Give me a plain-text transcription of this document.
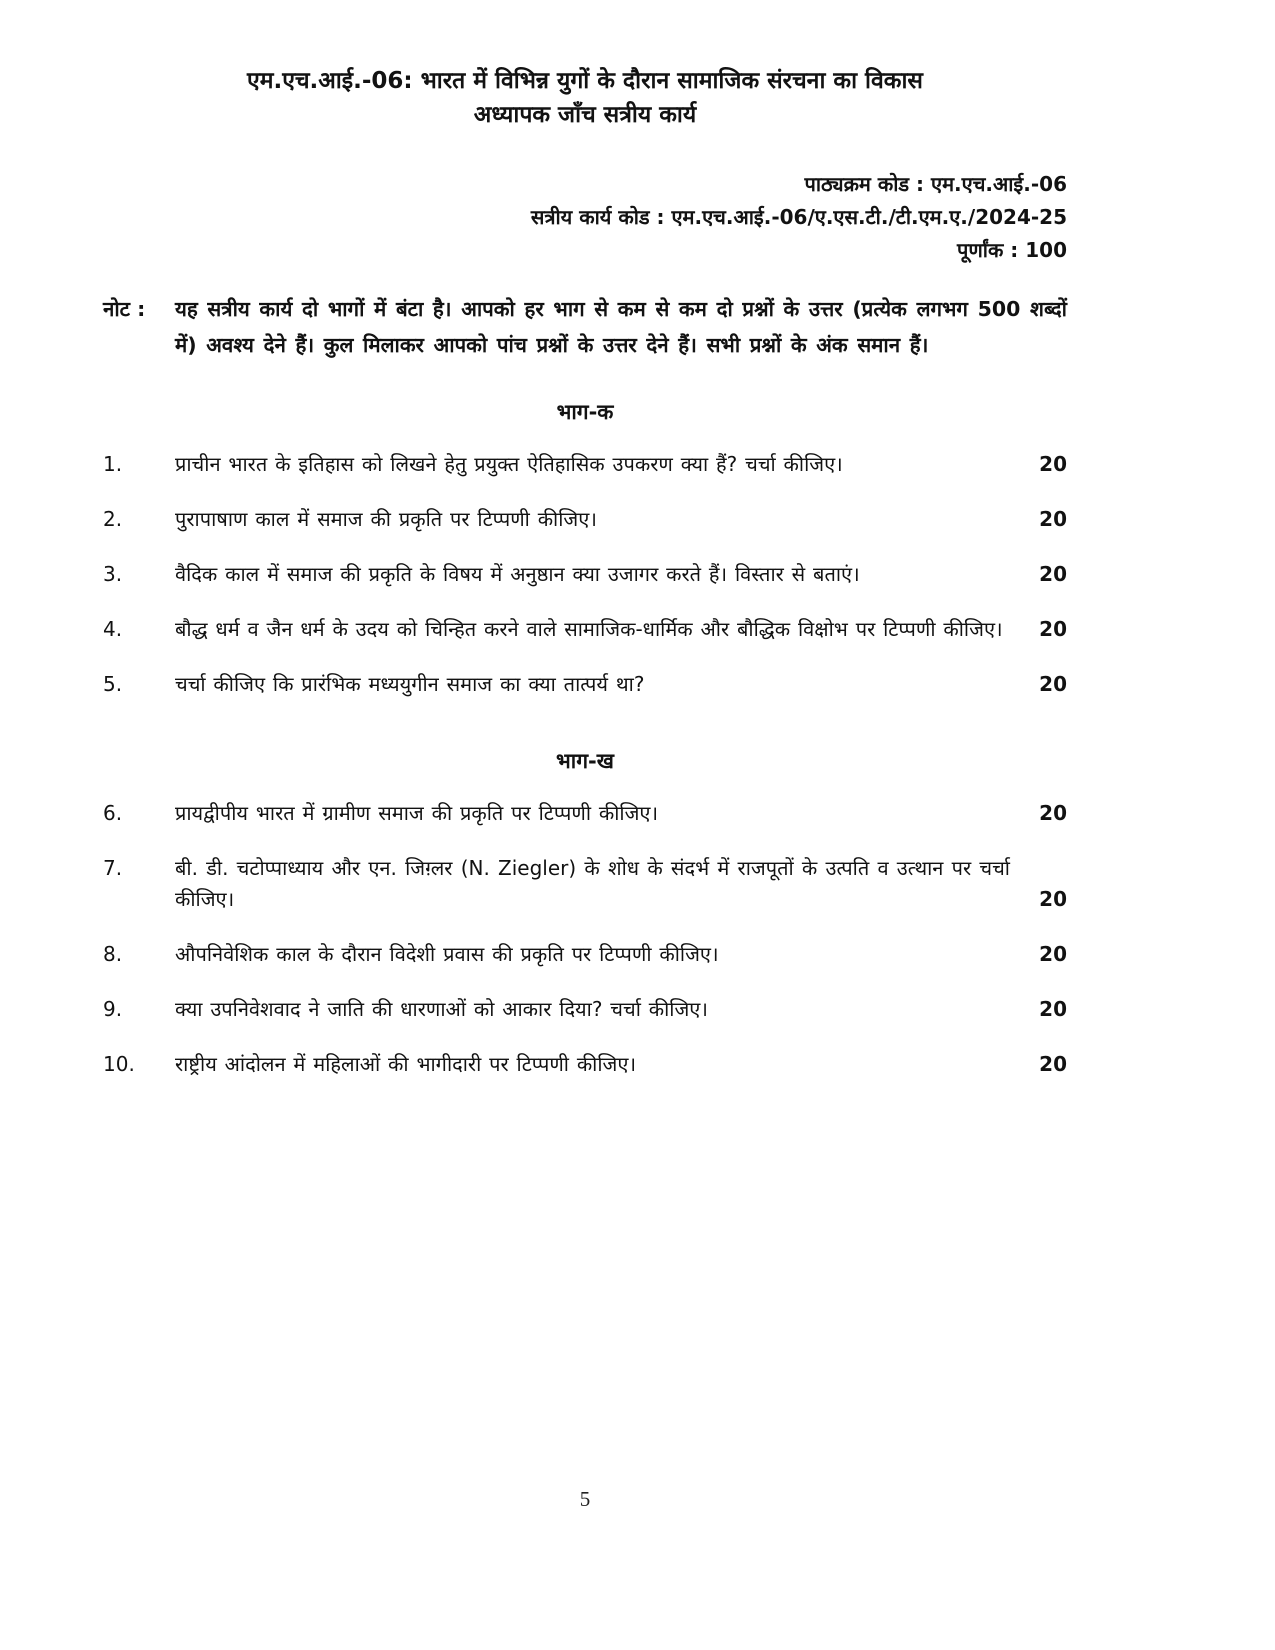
एम.एच.आई.-06: भारत में विभिन्न युगों के दौरान सामाजिक संरचना का विकास
अध्यापक जाँच सत्रीय कार्य
पाठ्यक्रम कोड : एम.एच.आई.-06
सत्रीय कार्य कोड : एम.एच.आई.-06/ए.एस.टी./टी.एम.ए./2024-25
पूर्णांक : 100
नोट :	यह सत्रीय कार्य दो भागों में बंटा है। आपको हर भाग से कम से कम दो प्रश्नों के उत्तर (प्रत्येक लगभग 500 शब्दों में) अवश्य देने हैं। कुल मिलाकर आपको पांच प्रश्नों के उत्तर देने हैं। सभी प्रश्नों के अंक समान हैं।
भाग-क
1.	प्राचीन भारत के इतिहास को लिखने हेतु प्रयुक्त ऐतिहासिक उपकरण क्या हैं? चर्चा कीजिए।	20
2.	पुरापाषाण काल में समाज की प्रकृति पर टिप्पणी कीजिए।	20
3.	वैदिक काल में समाज की प्रकृति के विषय में अनुष्ठान क्या उजागर करते हैं। विस्तार से बताएं।	20
4.	बौद्ध धर्म व जैन धर्म के उदय को चिन्हित करने वाले सामाजिक-धार्मिक और बौद्धिक विक्षोभ पर टिप्पणी कीजिए।	20
5.	चर्चा कीजिए कि प्रारंभिक मध्ययुगीन समाज का क्या तात्पर्य था?	20
भाग-ख
6.	प्रायद्वीपीय भारत में ग्रामीण समाज की प्रकृति पर टिप्पणी कीजिए।	20
7.	बी. डी. चटोप्पाध्याय और एन. जिग़्लर (N. Ziegler) के शोध के संदर्भ में राजपूतों के उत्पति व उत्थान पर चर्चा कीजिए।	20
8.	औपनिवेशिक काल के दौरान विदेशी प्रवास की प्रकृति पर टिप्पणी कीजिए।	20
9.	क्या उपनिवेशवाद ने जाति की धारणाओं को आकार दिया? चर्चा कीजिए।	20
10.	राष्ट्रीय आंदोलन में महिलाओं की भागीदारी पर टिप्पणी कीजिए।	20
5
